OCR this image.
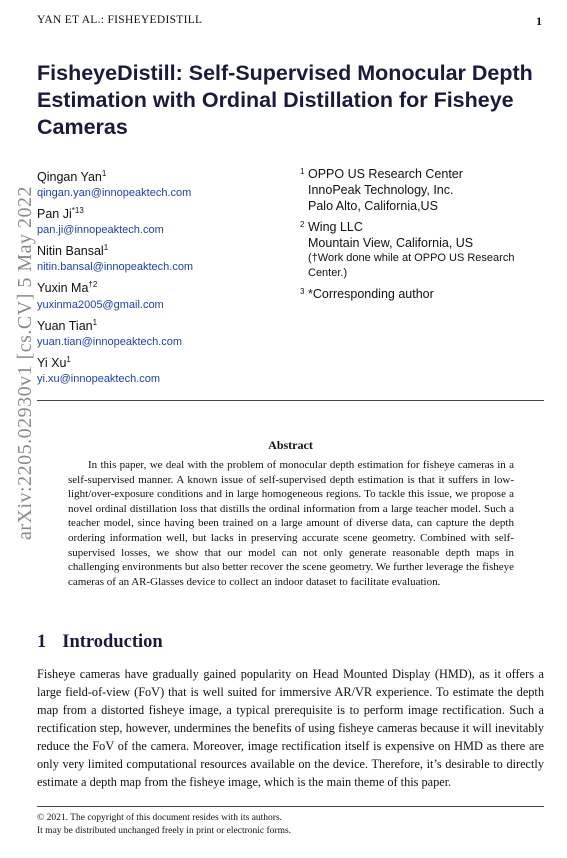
YAN ET AL.: FISHEYEDISTILL	1
arXiv:2205.02930v1 [cs.CV] 5 May 2022
FisheyeDistill: Self-Supervised Monocular Depth Estimation with Ordinal Distillation for Fisheye Cameras
Qingan Yan$^1$
qingan.yan@innopeaktech.com
Pan Ji$^{*13}$
pan.ji@innopeaktech.com
Nitin Bansal$^1$
nitin.bansal@innopeaktech.com
Yuxin Ma$^{\dagger 2}$
yuxinma2005@gmail.com
Yuan Tian$^1$
yuan.tian@innopeaktech.com
Yi Xu$^1$
yi.xu@innopeaktech.com
1 OPPO US Research Center
InnoPeak Technology, Inc.
Palo Alto, California,US
2 Wing LLC
Mountain View, California, US
(†Work done while at OPPO US Research Center.)
3 *Corresponding author
Abstract
In this paper, we deal with the problem of monocular depth estimation for fisheye cameras in a self-supervised manner. A known issue of self-supervised depth estimation is that it suffers in low-light/over-exposure conditions and in large homogeneous regions. To tackle this issue, we propose a novel ordinal distillation loss that distills the ordinal information from a large teacher model. Such a teacher model, since having been trained on a large amount of diverse data, can capture the depth ordering information well, but lacks in preserving accurate scene geometry. Combined with self-supervised losses, we show that our model can not only generate reasonable depth maps in challenging environments but also better recover the scene geometry. We further leverage the fisheye cameras of an AR-Glasses device to collect an indoor dataset to facilitate evaluation.
1 Introduction
Fisheye cameras have gradually gained popularity on Head Mounted Display (HMD), as it offers a large field-of-view (FoV) that is well suited for immersive AR/VR experience. To estimate the depth map from a distorted fisheye image, a typical prerequisite is to perform image rectification. Such a rectification step, however, undermines the benefits of using fisheye cameras because it will inevitably reduce the FoV of the camera. Moreover, image rectification itself is expensive on HMD as there are only very limited computational resources available on the device. Therefore, it’s desirable to directly estimate a depth map from the fisheye image, which is the main theme of this paper.
© 2021. The copyright of this document resides with its authors.
It may be distributed unchanged freely in print or electronic forms.
